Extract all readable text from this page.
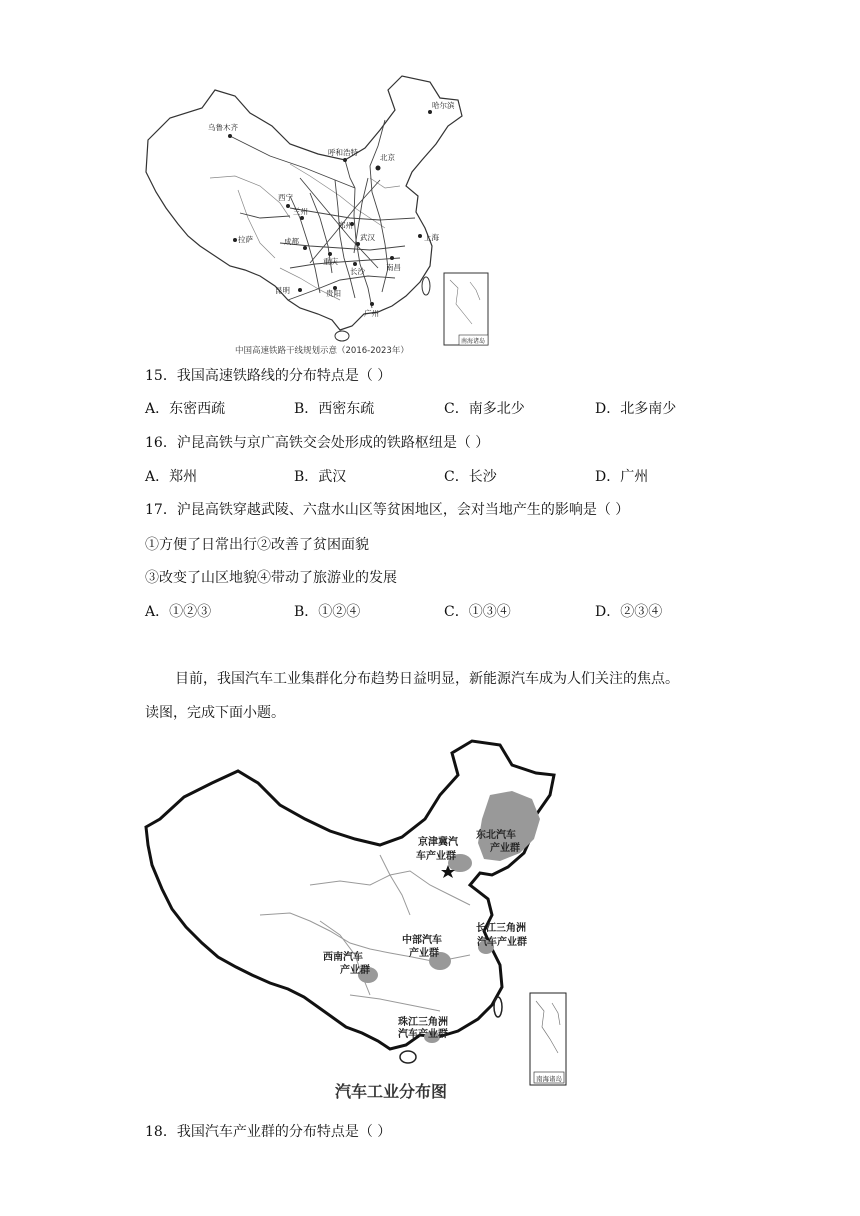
乌鲁木齐
哈尔滨
呼和浩特
北京
西宁
兰州
拉萨	成都
郑州
武汉
重庆
长沙
贵阳
昆明
广州
上海
南昌
南海诸岛
中国高速铁路干线规划示意（2016-2023年）
15．我国高速铁路线的分布特点是（ ）
A．东密西疏	B．西密东疏	C．南多北少	D．北多南少
16．沪昆高铁与京广高铁交会处形成的铁路枢纽是（ ）
A．郑州	B．武汉	C．长沙	D．广州
17．沪昆高铁穿越武陵、六盘水山区等贫困地区，会对当地产生的影响是（ ）
①方便了日常出行②改善了贫困面貌
③改变了山区地貌④带动了旅游业的发展
A．①②③	B．①②④	C．①③④	D．②③④
目前，我国汽车工业集群化分布趋势日益明显，新能源汽车成为人们关注的焦点。
读图，完成下面小题。
东北汽车
产业群
京津冀汽
车产业群
中部汽车
产业群
西南汽车
产业群
长江三角洲
汽车产业群
珠江三角洲
汽车产业群
南海诸岛
汽车工业分布图
18．我国汽车产业群的分布特点是（ ）
